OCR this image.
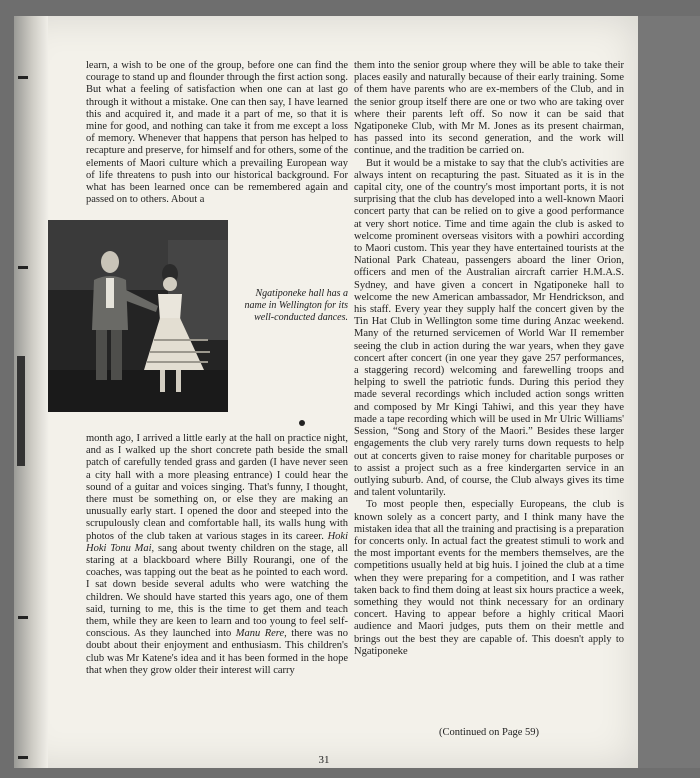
learn, a wish to be one of the group, before one can find the courage to stand up and flounder through the first action song. But what a feeling of satisfaction when one can at last go through it without a mistake. One can then say, I have learned this and acquired it, and made it a part of me, so that it is mine for good, and nothing can take it from me except a loss of memory. Whenever that happens that person has helped to recapture and preserve, for himself and for others, some of the elements of Maori culture which a prevailing European way of life threatens to push into our historical background. For what has been learned once can be remembered again and passed on to others. About a

Ngatiponeke hall has a name in Wellington for its well-conducted dances.

month ago, I arrived a little early at the hall on practice night, and as I walked up the short concrete path beside the small patch of carefully tended grass and garden (I have never seen a city hall with a more pleasing entrance) I could hear the sound of a guitar and voices singing. That's funny, I thought, there must be something on, or else they are making an unusually early start. I opened the door and steeped into the scrupulously clean and comfortable hall, its walls hung with photos of the club taken at various stages in its career. Hoki Hoki Tonu Mai, sang about twenty children on the stage, all staring at a blackboard where Billy Rourangi, one of the coaches, was tapping out the beat as he pointed to each word. I sat down beside several adults who were watching the children. We should have started this years ago, one of them said, turning to me, this is the time to get them and teach them, while they are keen to learn and too young to feel self-conscious. As they launched into Manu Rere, there was no doubt about their enjoyment and enthusiasm. This children's club was Mr Katene's idea and it has been formed in the hope that when they grow older their interest will carry

them into the senior group where they will be able to take their places easily and naturally because of their early training. Some of them have parents who are ex-members of the Club, and in the senior group itself there are one or two who are taking over where their parents left off. So now it can be said that Ngatiponeke Club, with Mr M. Jones as its present chairman, has passed into its second generation, and the work will continue, and the tradition be carried on.

But it would be a mistake to say that the club's activities are always intent on recapturing the past. Situated as it is in the capital city, one of the country's most important ports, it is not surprising that the club has developed into a well-known Maori concert party that can be relied on to give a good performance at very short notice. Time and time again the club is asked to welcome prominent overseas visitors with a powhiri according to Maori custom. This year they have entertained tourists at the National Park Chateau, passengers aboard the liner Orion, officers and men of the Australian aircraft carrier H.M.A.S. Sydney, and have given a concert in Ngatiponeke hall to welcome the new American ambassador, Mr Hendrickson, and his staff. Every year they supply half the concert given by the Tin Hat Club in Wellington some time during Anzac weekend. Many of the returned servicemen of World War II remember seeing the club in action during the war years, when they gave concert after concert (in one year they gave 257 performances, a staggering record) welcoming and farewelling troops and helping to swell the patriotic funds. During this period they made several recordings which included action songs written and composed by Mr Kingi Tahiwi, and this year they have made a tape recording which will be used in Mr Ulric Williams' Session, “Song and Story of the Maori.” Besides these larger engagements the club very rarely turns down requests to help out at concerts given to raise money for charitable purposes or to assist a project such as a free kindergarten service in an outlying suburb. And, of course, the Club always gives its time and talent voluntarily.

To most people then, especially Europeans, the club is known solely as a concert party, and I think many have the mistaken idea that all the training and practising is a preparation for concerts only. In actual fact the greatest stimuli to work and the most important events for the members themselves, are the competitions usually held at big huis. I joined the club at a time when they were preparing for a competition, and I was rather taken back to find them doing at least six hours practice a week, something they would not think necessary for an ordinary concert. Having to appear before a highly critical Maori audience and Maori judges, puts them on their mettle and brings out the best they are capable of. This doesn't apply to Ngatiponeke

(Continued on Page 59)
31
